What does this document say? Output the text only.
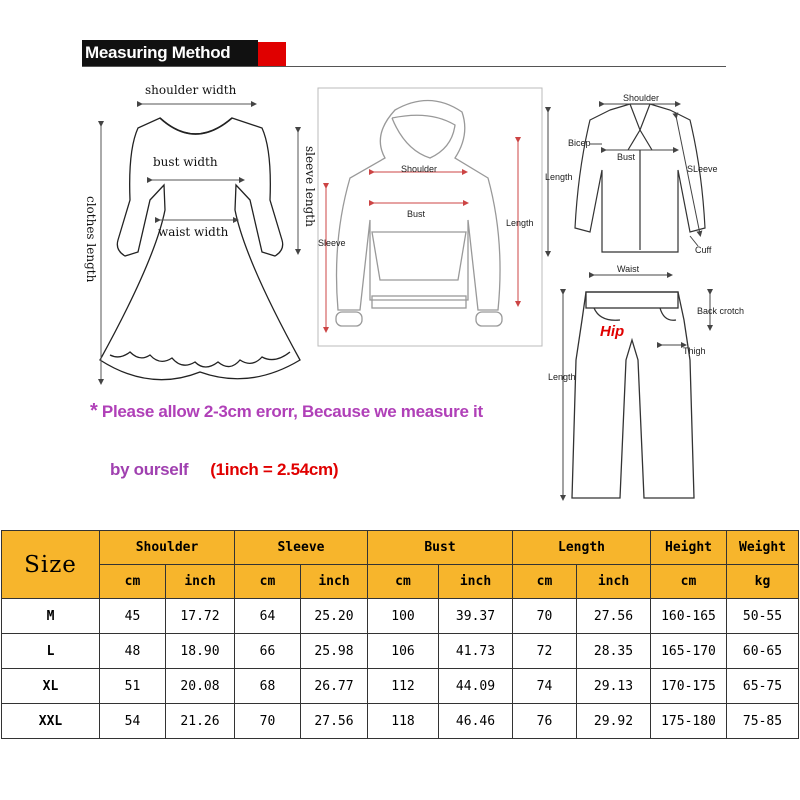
Measuring Method
shoulder width
bust width
waist width
sleeve length
clothes length
Shoulder
Bust
Sleeve
Length
Shoulder
Bicep
Bust
SLeeve
Length
Cuff
Waist
Back crotch
Hip
Thigh
Length
* Please allow 2-3cm erorr, Because we measure it
by ourself (1inch = 2.54cm)
Size	Shoulder		Sleeve		Bust		Length		Height	Weight
	cm	inch	cm	inch	cm	inch	cm	inch	cm	kg
M	45	17.72	64	25.20	100	39.37	70	27.56	160-165	50-55
L	48	18.90	66	25.98	106	41.73	72	28.35	165-170	60-65
XL	51	20.08	68	26.77	112	44.09	74	29.13	170-175	65-75
XXL	54	21.26	70	27.56	118	46.46	76	29.92	175-180	75-85
